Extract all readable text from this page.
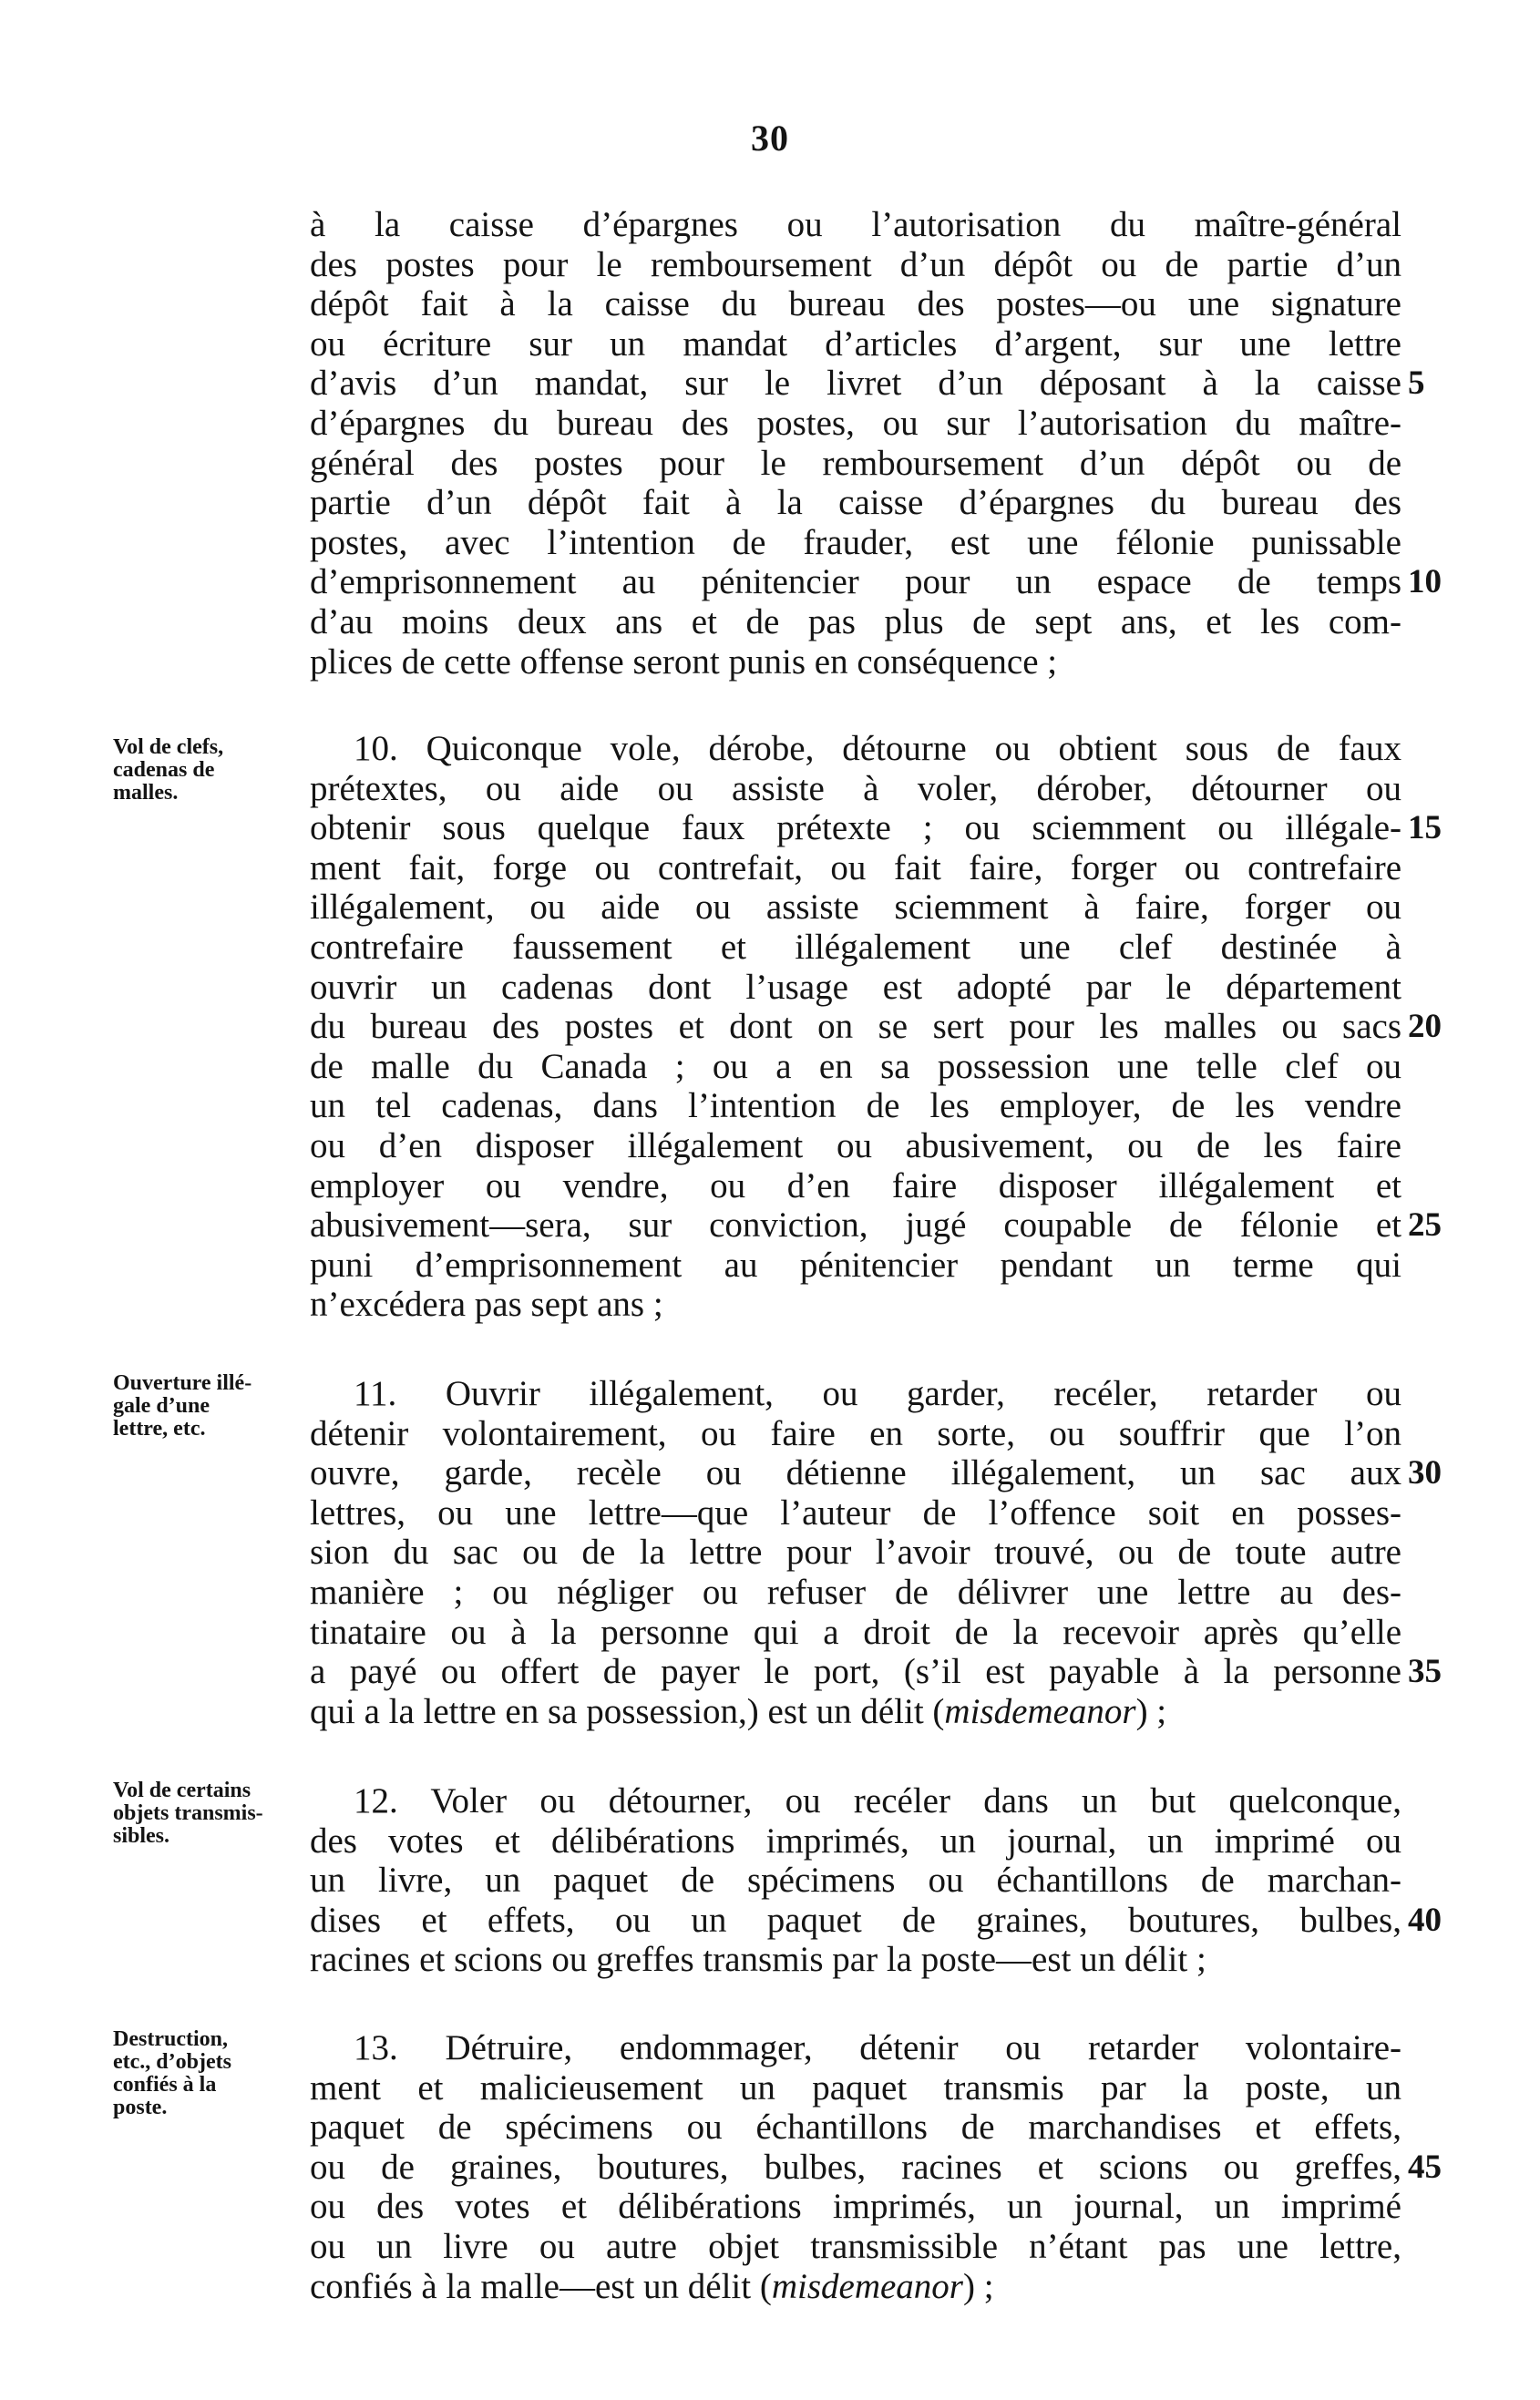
30
à la caisse d’épargnes ou l’autorisation du maître-général
des postes pour le remboursement d’un dépôt ou de partie d’un
dépôt fait à la caisse du bureau des postes—ou une signature
ou écriture sur un mandat d’articles d’argent, sur une lettre
d’avis d’un mandat, sur le livret d’un déposant à la caisse
d’épargnes du bureau des postes, ou sur l’autorisation du maître-
général des postes pour le remboursement d’un dépôt ou de
partie d’un dépôt fait à la caisse d’épargnes du bureau des
postes, avec l’intention de frauder, est une félonie punissable
d’emprisonnement au pénitencier pour un espace de temps
d’au moins deux ans et de pas plus de sept ans, et les com-
plices de cette offense seront punis en conséquence ;
10. Quiconque vole, dérobe, détourne ou obtient sous de faux
prétextes, ou aide ou assiste à voler, dérober, détourner ou
obtenir sous quelque faux prétexte ; ou sciemment ou illégale-
ment fait, forge ou contrefait, ou fait faire, forger ou contrefaire
illégalement, ou aide ou assiste sciemment à faire, forger ou
contrefaire faussement et illégalement une clef destinée à
ouvrir un cadenas dont l’usage est adopté par le département
du bureau des postes et dont on se sert pour les malles ou sacs
de malle du Canada ; ou a en sa possession une telle clef ou
un tel cadenas, dans l’intention de les employer, de les vendre
ou d’en disposer illégalement ou abusivement, ou de les faire
employer ou vendre, ou d’en faire disposer illégalement et
abusivement—sera, sur conviction, jugé coupable de félonie et
puni d’emprisonnement au pénitencier pendant un terme qui
n’excédera pas sept ans ;
11. Ouvrir illégalement, ou garder, recéler, retarder ou
détenir volontairement, ou faire en sorte, ou souffrir que l’on
ouvre, garde, recèle ou détienne illégalement, un sac aux
lettres, ou une lettre—que l’auteur de l’offence soit en posses-
sion du sac ou de la lettre pour l’avoir trouvé, ou de toute autre
manière ; ou négliger ou refuser de délivrer une lettre au des-
tinataire ou à la personne qui a droit de la recevoir après qu’elle
a payé ou offert de payer le port, (s’il est payable à la personne
qui a la lettre en sa possession,) est un délit (misdemeanor) ;
12. Voler ou détourner, ou recéler dans un but quelconque,
des votes et délibérations imprimés, un journal, un imprimé ou
un livre, un paquet de spécimens ou échantillons de marchan-
dises et effets, ou un paquet de graines, boutures, bulbes,
racines et scions ou greffes transmis par la poste—est un délit ;
13. Détruire, endommager, détenir ou retarder volontaire-
ment et malicieusement un paquet transmis par la poste, un
paquet de spécimens ou échantillons de marchandises et effets,
ou de graines, boutures, bulbes, racines et scions ou greffes,
ou des votes et délibérations imprimés, un journal, un imprimé
ou un livre ou autre objet transmissible n’étant pas une lettre,
confiés à la malle—est un délit (misdemeanor) ;
Vol de clefs,
cadenas de
malles.
Ouverture illé-
gale d’une
lettre, etc.
Vol de certains
objets transmis-
sibles.
Destruction,
etc., d’objets
confiés à la
poste.
5
10
15
20
25
30
35
40
45
